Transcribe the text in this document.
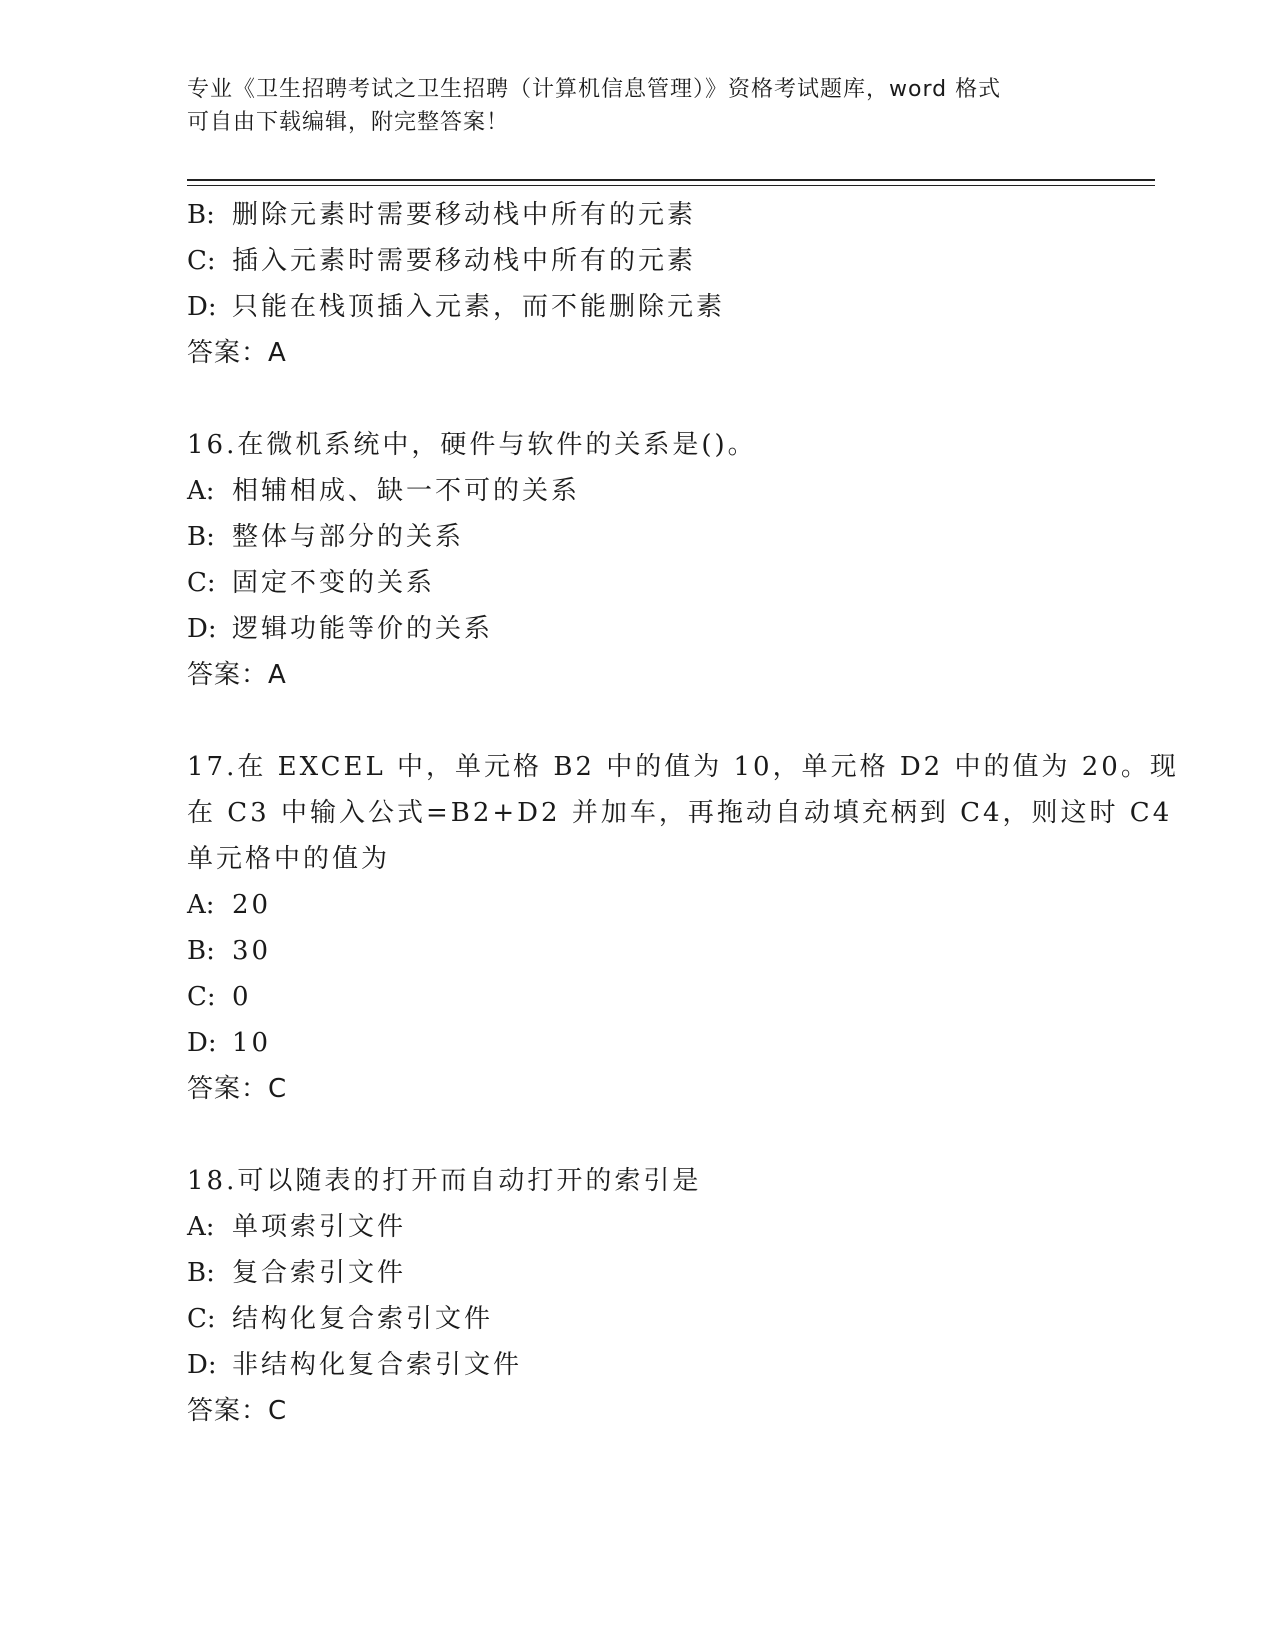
专业《卫生招聘考试之卫生招聘（计算机信息管理）》资格考试题库，word 格式
可自由下载编辑，附完整答案！
B: 删除元素时需要移动栈中所有的元素
C: 插入元素时需要移动栈中所有的元素
D: 只能在栈顶插入元素，而不能删除元素
答案：A
16.在微机系统中，硬件与软件的关系是()。
A: 相辅相成、缺一不可的关系
B: 整体与部分的关系
C: 固定不变的关系
D: 逻辑功能等价的关系
答案：A
17.在 EXCEL 中，单元格 B2 中的值为 10，单元格 D2 中的值为 20。现
在 C3 中输入公式=B2+D2 并加车，再拖动自动填充柄到 C4，则这时 C4
单元格中的值为
A: 20
B: 30
C: 0
D: 10
答案：C
18.可以随表的打开而自动打开的索引是
A: 单项索引文件
B: 复合索引文件
C: 结构化复合索引文件
D: 非结构化复合索引文件
答案：C
